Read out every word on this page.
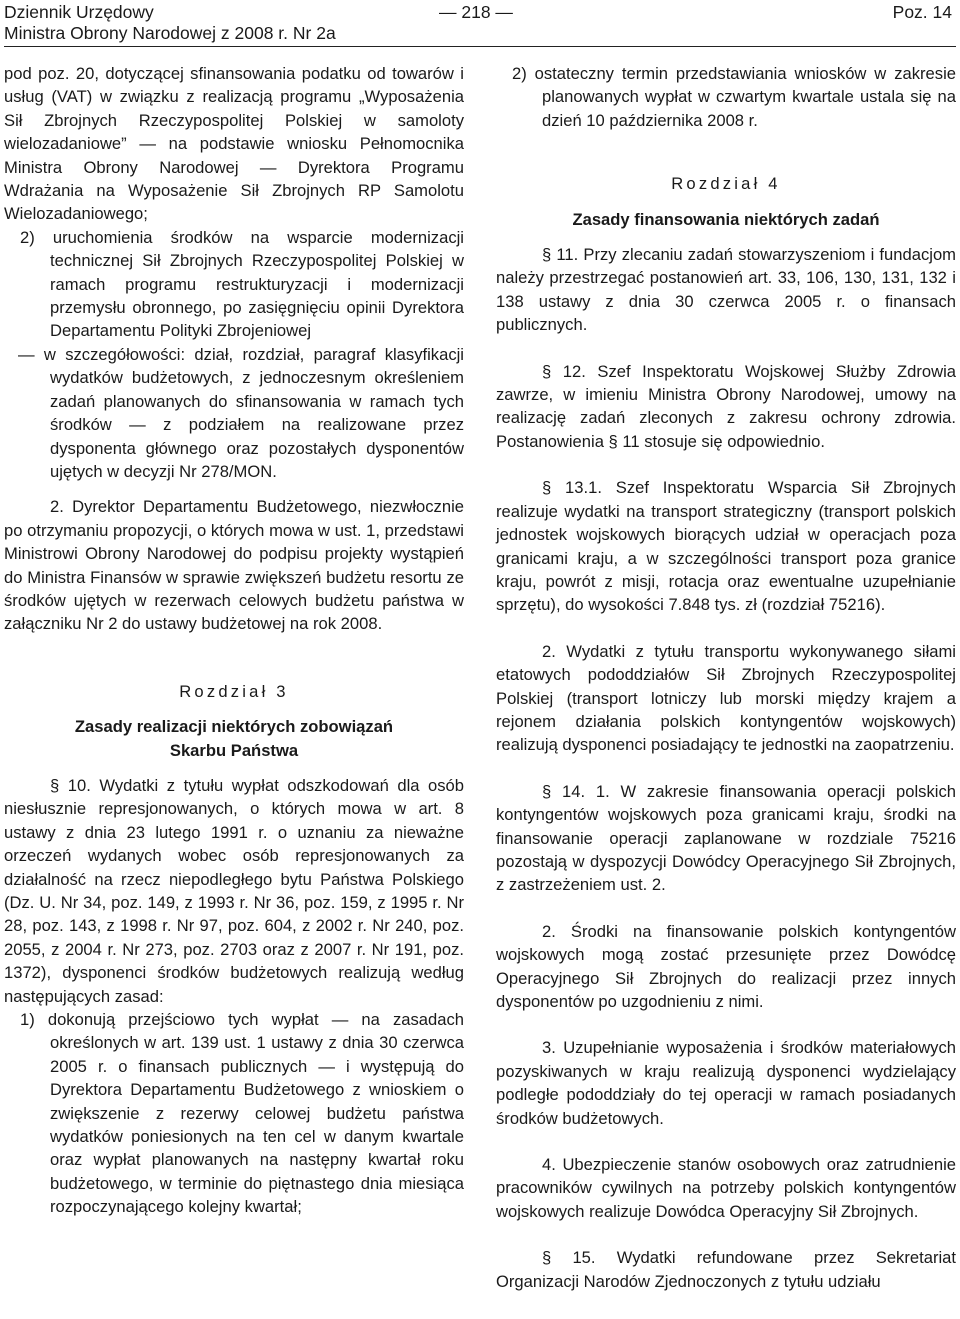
Dziennik Urzędowy
Ministra Obrony Narodowej z 2008 r. Nr 2a
— 218 —	Poz. 14

pod poz. 20, dotyczącej sfinansowania podatku od towarów i usług (VAT) w związku z realizacją programu „Wyposażenia Sił Zbrojnych Rzeczypospolitej Polskiej w samoloty wielozadaniowe” — na podstawie wniosku Pełnomocnika Ministra Obrony Narodowej — Dyrektora Programu Wdrażania na Wyposażenie Sił Zbrojnych RP Samolotu Wielozadaniowego;

2) uruchomienia środków na wsparcie modernizacji technicznej Sił Zbrojnych Rzeczypospolitej Polskiej w ramach programu restrukturyzacji i modernizacji przemysłu obronnego, po zasięgnięciu opinii Dyrektora Departamentu Polityki Zbrojeniowej

— w szczegółowości: dział, rozdział, paragraf klasyfikacji wydatków budżetowych, z jednoczesnym określeniem zadań planowanych do sfinansowania w ramach tych środków — z podziałem na realizowane przez dysponenta głównego oraz pozostałych dysponentów ujętych w decyzji Nr 278/MON.

2. Dyrektor Departamentu Budżetowego, niezwłocznie po otrzymaniu propozycji, o których mowa w ust. 1, przedstawi Ministrowi Obrony Narodowej do podpisu projekty wystąpień do Ministra Finansów w sprawie zwiększeń budżetu resortu ze środków ujętych w rezerwach celowych budżetu państwa w załączniku Nr 2 do ustawy budżetowej na rok 2008.

Rozdział 3

Zasady realizacji niektórych zobowiązań Skarbu Państwa

§ 10. Wydatki z tytułu wypłat odszkodowań dla osób niesłusznie represjonowanych, o których mowa w art. 8 ustawy z dnia 23 lutego 1991 r. o uznaniu za nieważne orzeczeń wydanych wobec osób represjonowanych za działalność na rzecz niepodległego bytu Państwa Polskiego (Dz. U. Nr 34, poz. 149, z 1993 r. Nr 36, poz. 159, z 1995 r. Nr 28, poz. 143, z 1998 r. Nr 97, poz. 604, z 2002 r. Nr 240, poz. 2055, z 2004 r. Nr 273, poz. 2703 oraz z 2007 r. Nr 191, poz. 1372), dysponenci środków budżetowych realizują według następujących zasad:

1) dokonują przejściowo tych wypłat — na zasadach określonych w art. 139 ust. 1 ustawy z dnia 30 czerwca 2005 r. o finansach publicznych — i występują do Dyrektora Departamentu Budżetowego z wnioskiem o zwiększenie z rezerwy celowej budżetu państwa wydatków poniesionych na ten cel w danym kwartale oraz wypłat planowanych na następny kwartał roku budżetowego, w terminie do piętnastego dnia miesiąca rozpoczynającego kolejny kwartał;

2) ostateczny termin przedstawiania wniosków w zakresie planowanych wypłat w czwartym kwartale ustala się na dzień 10 października 2008 r.

Rozdział 4

Zasady finansowania niektórych zadań

§ 11. Przy zlecaniu zadań stowarzyszeniom i fundacjom należy przestrzegać postanowień art. 33, 106, 130, 131, 132 i 138 ustawy z dnia 30 czerwca 2005 r. o finansach publicznych.

§ 12. Szef Inspektoratu Wojskowej Służby Zdrowia zawrze, w imieniu Ministra Obrony Narodowej, umowy na realizację zadań zleconych z zakresu ochrony zdrowia. Postanowienia § 11 stosuje się odpowiednio.

§ 13.1. Szef Inspektoratu Wsparcia Sił Zbrojnych realizuje wydatki na transport strategiczny (transport polskich jednostek wojskowych biorących udział w operacjach poza granicami kraju, a w szczególności transport poza granice kraju, powrót z misji, rotacja oraz ewentualne uzupełnianie sprzętu), do wysokości 7.848 tys. zł (rozdział 75216).

2. Wydatki z tytułu transportu wykonywanego siłami etatowych pododdziałów Sił Zbrojnych Rzeczypospolitej Polskiej (transport lotniczy lub morski między krajem a rejonem działania polskich kontyngentów wojskowych) realizują dysponenci posiadający te jednostki na zaopatrzeniu.

§ 14. 1. W zakresie finansowania operacji polskich kontyngentów wojskowych poza granicami kraju, środki na finansowanie operacji zaplanowane w rozdziale 75216 pozostają w dyspozycji Dowódcy Operacyjnego Sił Zbrojnych, z zastrzeżeniem ust. 2.

2. Środki na finansowanie polskich kontyngentów wojskowych mogą zostać przesunięte przez Dowódcę Operacyjnego Sił Zbrojnych do realizacji przez innych dysponentów po uzgodnieniu z nimi.

3. Uzupełnianie wyposażenia i środków materiałowych pozyskiwanych w kraju realizują dysponenci wydzielający podległe pododdziały do tej operacji w ramach posiadanych środków budżetowych.

4. Ubezpieczenie stanów osobowych oraz zatrudnienie pracowników cywilnych na potrzeby polskich kontyngentów wojskowych realizuje Dowódca Operacyjny Sił Zbrojnych.

§ 15. Wydatki refundowane przez Sekretariat Organizacji Narodów Zjednoczonych z tytułu udziału
